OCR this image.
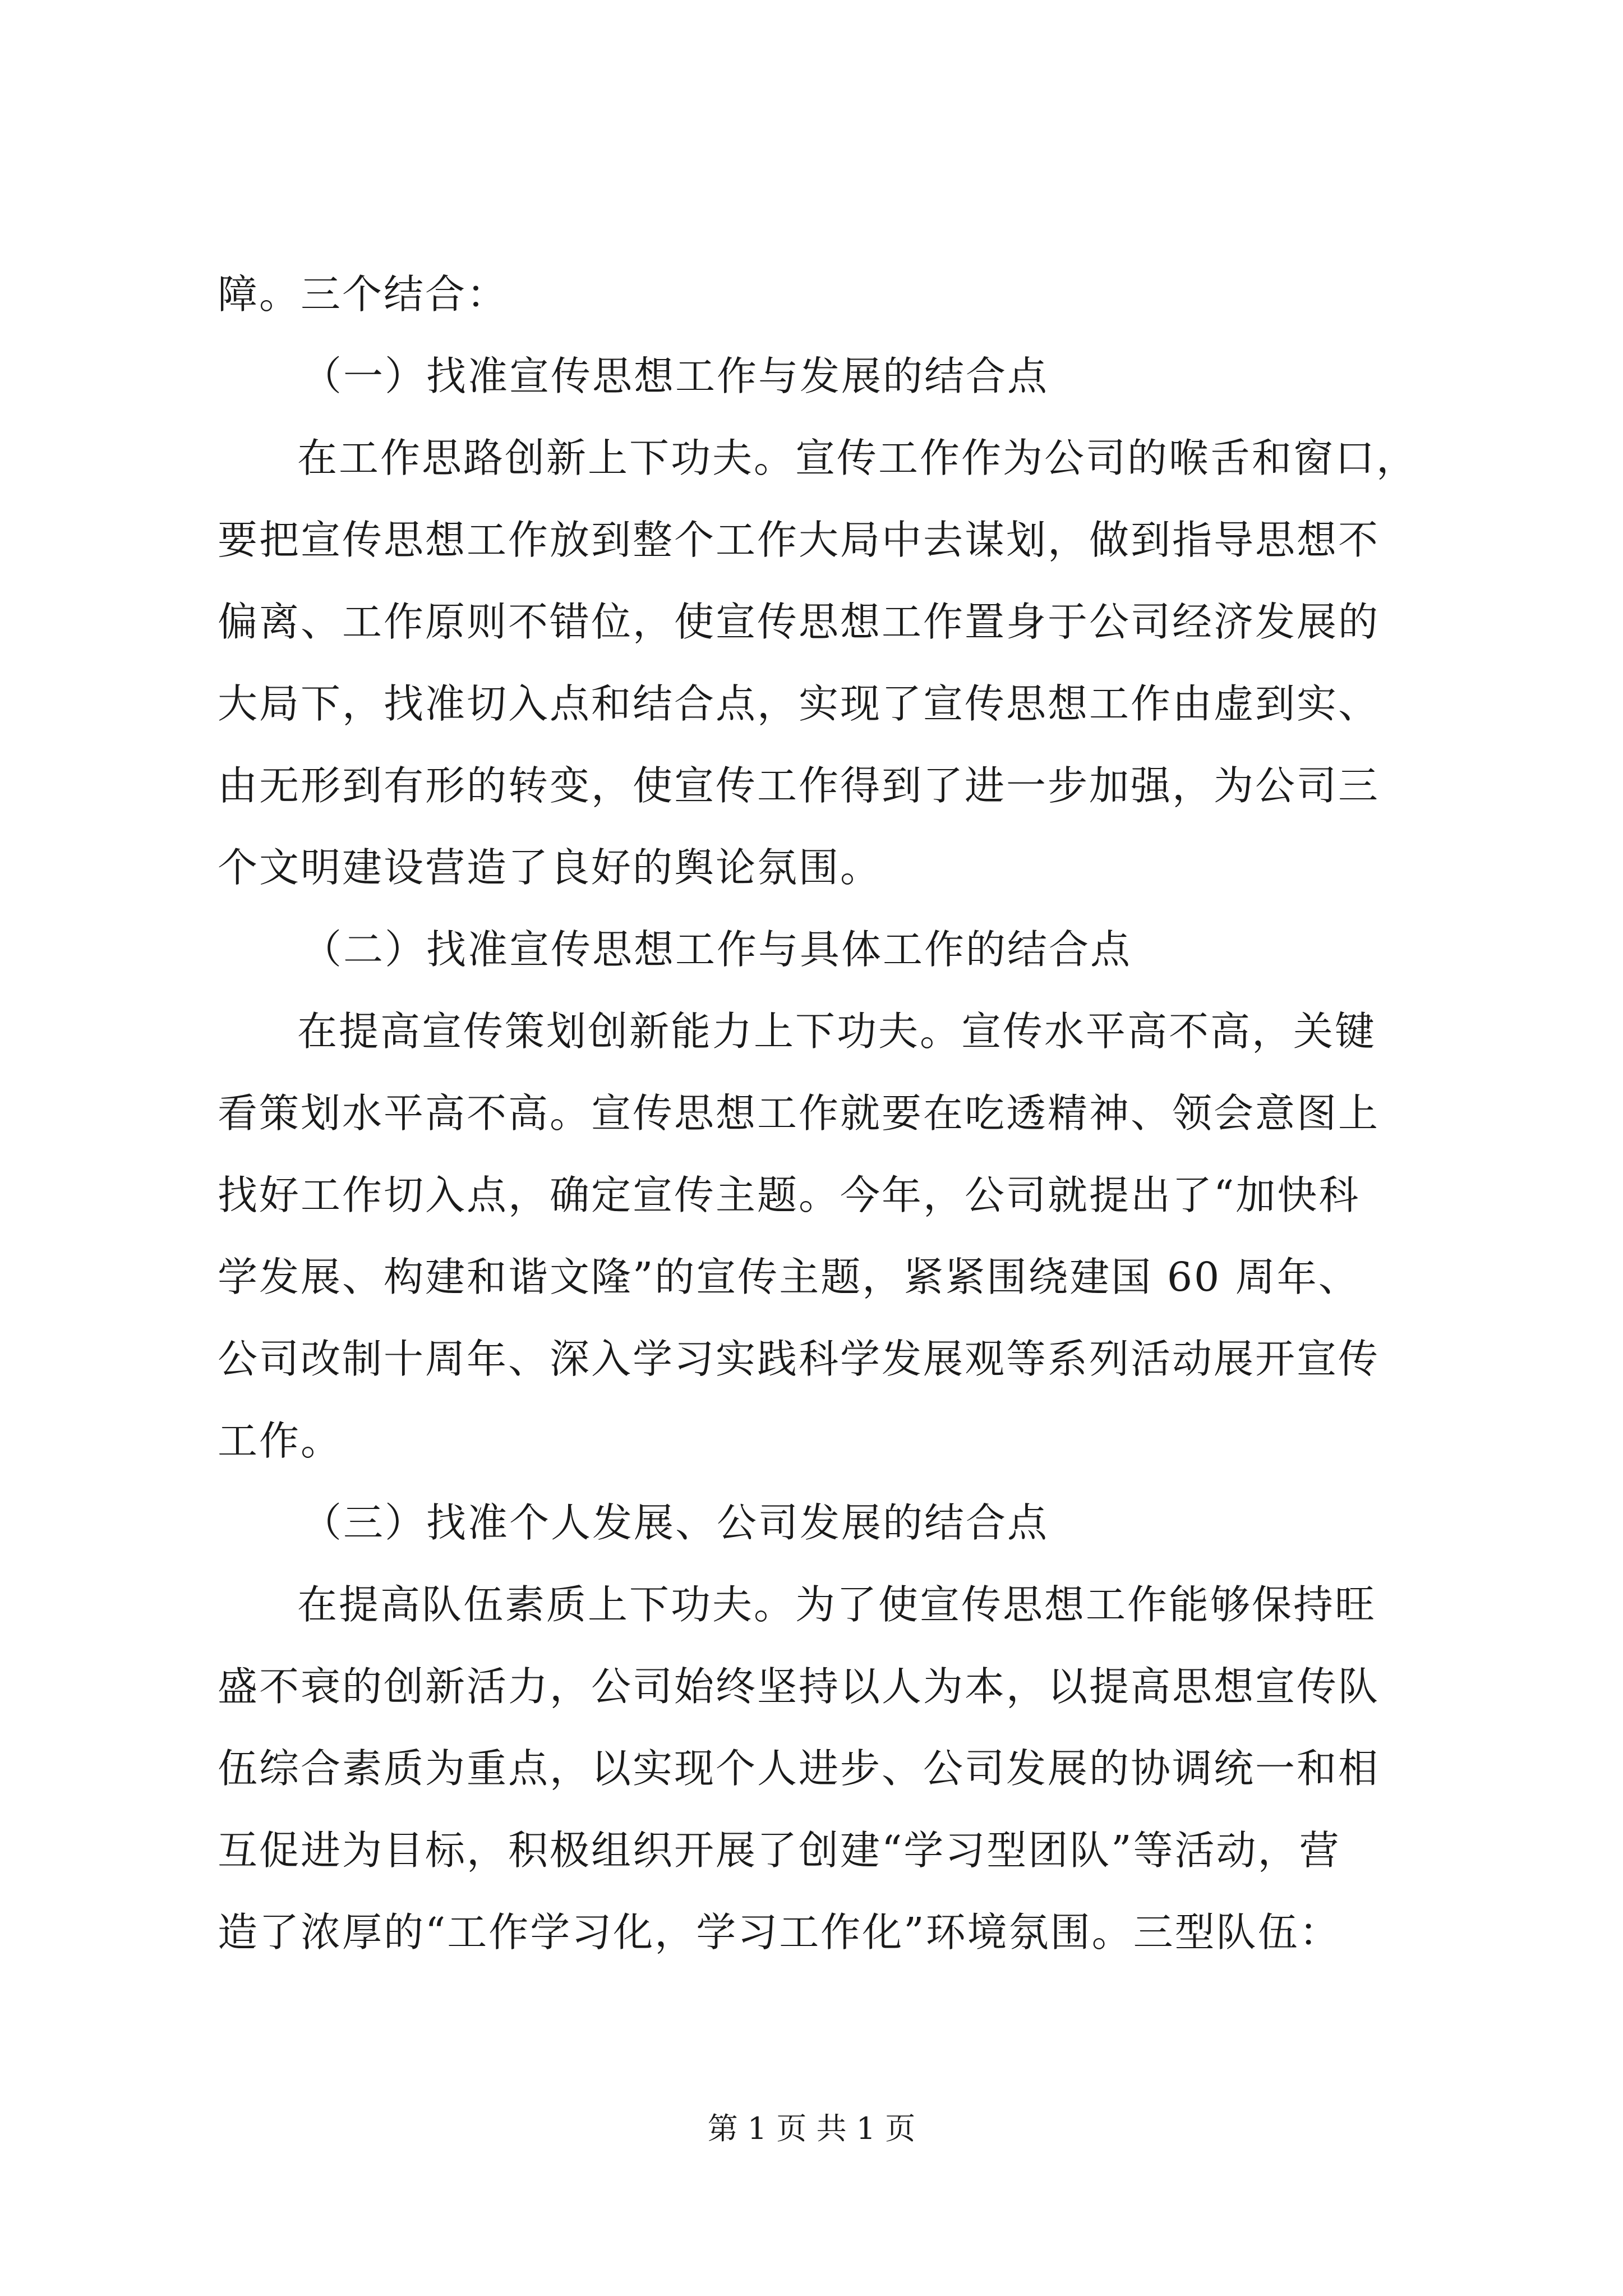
障。三个结合：
（一）找准宣传思想工作与发展的结合点
在工作思路创新上下功夫。宣传工作作为公司的喉舌和窗口，
要把宣传思想工作放到整个工作大局中去谋划，做到指导思想不
偏离、工作原则不错位，使宣传思想工作置身于公司经济发展的
大局下，找准切入点和结合点，实现了宣传思想工作由虚到实、
由无形到有形的转变，使宣传工作得到了进一步加强，为公司三
个文明建设营造了良好的舆论氛围。
（二）找准宣传思想工作与具体工作的结合点
在提高宣传策划创新能力上下功夫。宣传水平高不高，关键
看策划水平高不高。宣传思想工作就要在吃透精神、领会意图上
找好工作切入点，确定宣传主题。今年，公司就提出了“加快科
学发展、构建和谐文隆”的宣传主题，紧紧围绕建国 60 周年、
公司改制十周年、深入学习实践科学发展观等系列活动展开宣传
工作。
（三）找准个人发展、公司发展的结合点
在提高队伍素质上下功夫。为了使宣传思想工作能够保持旺
盛不衰的创新活力，公司始终坚持以人为本，以提高思想宣传队
伍综合素质为重点，以实现个人进步、公司发展的协调统一和相
互促进为目标，积极组织开展了创建“学习型团队”等活动，营
造了浓厚的“工作学习化，学习工作化”环境氛围。三型队伍：
第 1 页 共 1 页
